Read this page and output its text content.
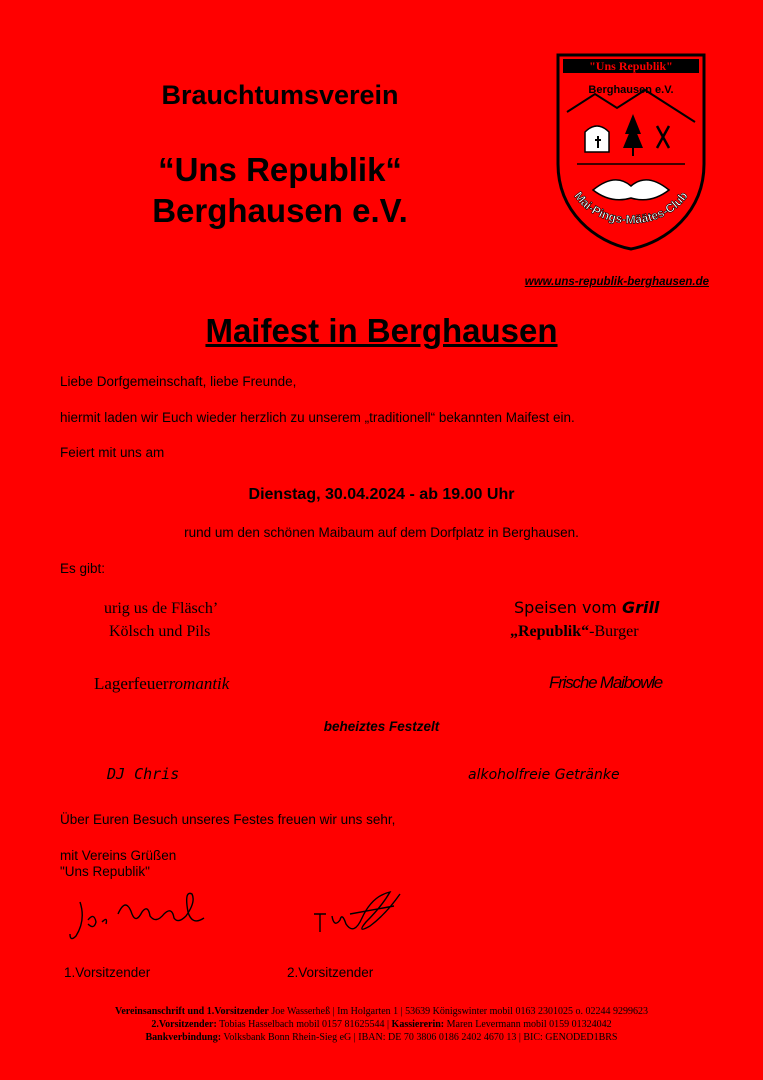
Brauchtumsverein
“Uns Republik“
Berghausen e.V.
"Uns Republik"
Berghausen e.V.
Mai-Pings-Määtes-Club
www.uns-republik-berghausen.de
Maifest in Berghausen
Liebe Dorfgemeinschaft, liebe Freunde,
hiermit laden wir Euch wieder herzlich zu unserem „traditionell“ bekannten Maifest ein.
Feiert mit uns am
Dienstag, 30.04.2024 - ab 19.00 Uhr
rund um den schönen Maibaum auf dem Dorfplatz in Berghausen.
Es gibt:
urig us de Fläsch’
Kölsch und Pils
Speisen vom Grill
„Republik“-Burger
Lagerfeuerromantik	Frische Maibowle
beheiztes Festzelt
DJ Chris	alkoholfreie Getränke
Über Euren Besuch unseres Festes freuen wir uns sehr,
mit Vereins Grüßen
"Uns Republik"
1.Vorsitzender	2.Vorsitzender
Vereinsanschrift und 1.Vorsitzender Joe Wasserheß | Im Holgarten 1 | 53639 Königswinter mobil 0163 2301025 o. 02244 9299623
2.Vorsitzender: Tobias Hasselbach mobil 0157 81625544 | Kassiererin: Maren Levermann mobil 0159 01324042
Bankverbindung: Volksbank Bonn Rhein-Sieg eG | IBAN: DE 70 3806 0186 2402 4670 13 | BIC: GENODED1BRS
